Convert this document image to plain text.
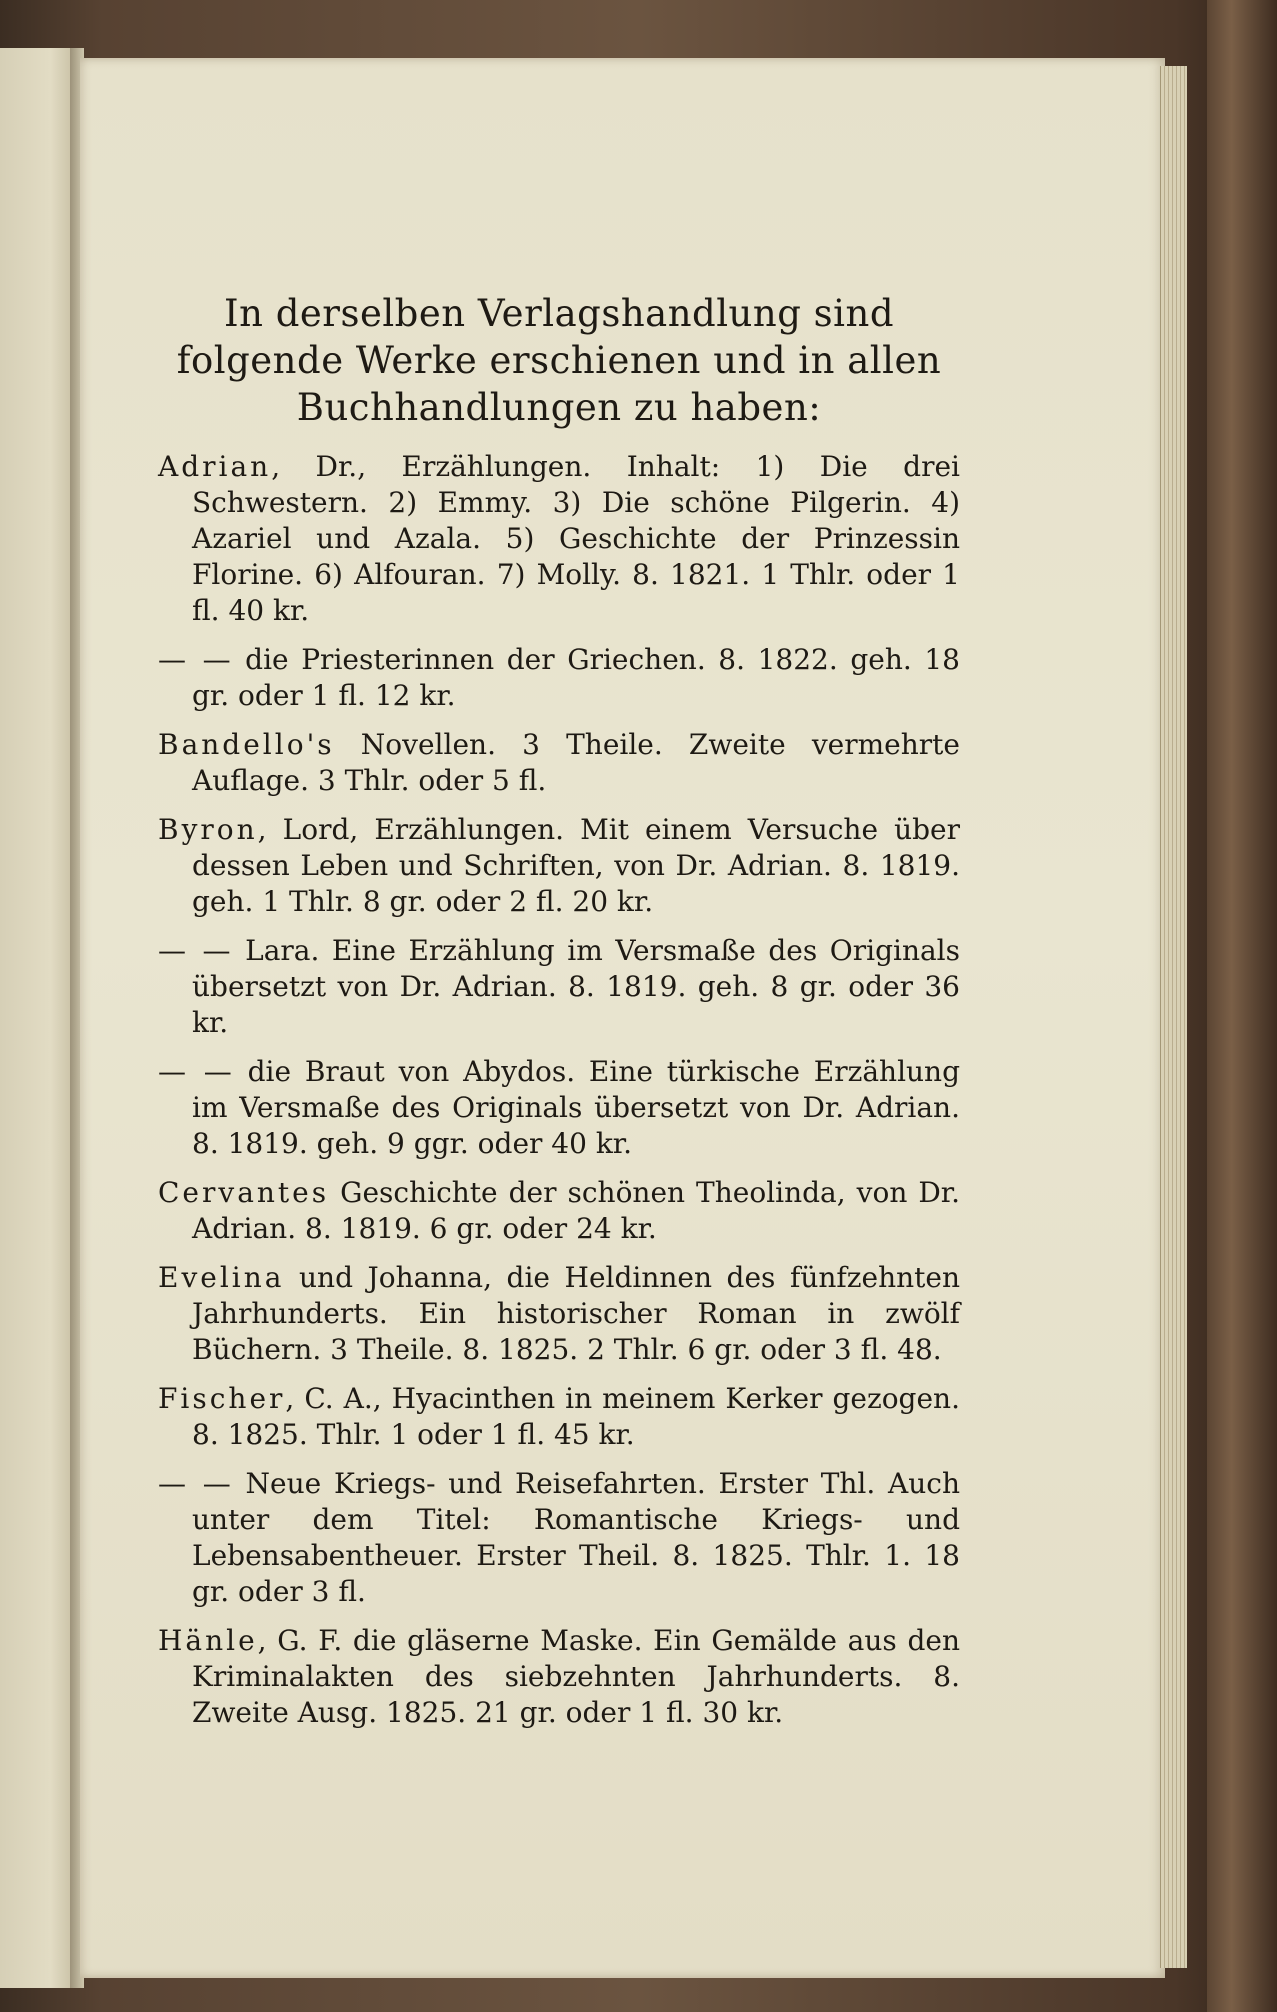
In derselben Verlagshandlung sind folgende Werke erschienen und in allen Buchhandlungen zu haben:

Adrian, Dr., Erzählungen. Inhalt: 1) Die drei Schwestern. 2) Emmy. 3) Die schöne Pilgerin. 4) Azariel und Azala. 5) Geschichte der Prinzessin Florine. 6) Alfouran. 7) Molly. 8. 1821. 1 Thlr. oder 1 fl. 40 kr.

— — die Priesterinnen der Griechen. 8. 1822. geh. 18 gr. oder 1 fl. 12 kr.

Bandello's Novellen. 3 Theile. Zweite vermehrte Auflage. 3 Thlr. oder 5 fl.

Byron, Lord, Erzählungen. Mit einem Versuche über dessen Leben und Schriften, von Dr. Adrian. 8. 1819. geh. 1 Thlr. 8 gr. oder 2 fl. 20 kr.

— — Lara. Eine Erzählung im Versmaße des Originals übersetzt von Dr. Adrian. 8. 1819. geh. 8 gr. oder 36 kr.

— — die Braut von Abydos. Eine türkische Erzählung im Versmaße des Originals übersetzt von Dr. Adrian. 8. 1819. geh. 9 ggr. oder 40 kr.

Cervantes Geschichte der schönen Theolinda, von Dr. Adrian. 8. 1819. 6 gr. oder 24 kr.

Evelina und Johanna, die Heldinnen des fünfzehnten Jahrhunderts. Ein historischer Roman in zwölf Büchern. 3 Theile. 8. 1825. 2 Thlr. 6 gr. oder 3 fl. 48.

Fischer, C. A., Hyacinthen in meinem Kerker gezogen. 8. 1825. Thlr. 1 oder 1 fl. 45 kr.

— — Neue Kriegs- und Reisefahrten. Erster Thl. Auch unter dem Titel: Romantische Kriegs- und Lebensabentheuer. Erster Theil. 8. 1825. Thlr. 1. 18 gr. oder 3 fl.

Hänle, G. F. die gläserne Maske. Ein Gemälde aus den Kriminalakten des siebzehnten Jahrhunderts. 8. Zweite Ausg. 1825. 21 gr. oder 1 fl. 30 kr.
